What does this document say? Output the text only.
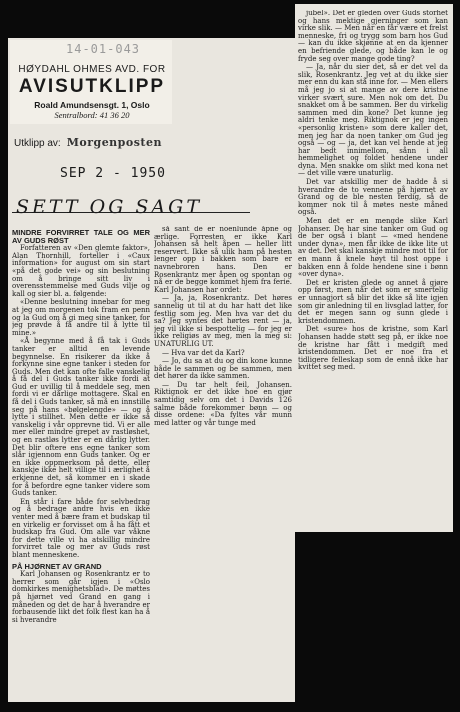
14-01-043
HØYDAHL OHMES AVD. FOR
AVISUTKLIPP
Roald Amundsensgt. 1, Oslo
Sentralbord: 41 36 20
Utklipp av: Morgenposten
SEP 2 - 1950
SETT OG SAGT

MINDRE FORVIRRET TALE OG MER AV GUDS RØST

Forfatteren av «Den glemte faktor», Alan Thornhill, forteller i «Caux information» for august om sin start «på det gode vei» og sin beslutning om å bringe sitt liv i overensstemmelse med Guds vilje og kall og sier bl. a. følgende:

«Denne beslutning innebar for meg at jeg om morgenen tok fram en penn og la Gud om å gi meg sine tanker, for jeg prøvde å få andre til å lytte til mine.»

«Å begynne med å få tak i Guds tanker er alltid en levende begynnelse. En risikerer da ikke å forkynne sine egne tanker i steden for Guds. Men det kan ofte falle vanskelig å få del i Guds tanker ikke fordi at Gud er uvillig til å meddele seg, men fordi vi er dårlige mottagere. Skal en få del i Guds tanker, så må en innstille seg på hans «bølgelengde» — og å lytte i stillhet. Men dette er ikke så vanskelig i vår opprevne tid. Vi er alle mer eller mindre grepet av rastløshet, og en rastløs lytter er en dårlig lytter. Det blir oftere ens egne tanker som slår igjennom enn Guds tanker. Og er en ikke oppmerksom på dette, eller kanskje ikke helt villige til i ærlighet å erkjenne det, så kommer en i skade for å befordre egne tanker videre som Guds tanker.

En står i fare både for selvbedrag og å bedrage andre hvis en ikke venter med å bære fram et budskap til en virkelig er forvisset om å ha fått et budskap fra Gud. Om alle var våkne for dette ville vi ha atskillig mindre forvirret tale og mer av Guds røst blant menneskene.

PÅ HJØRNET AV GRAND

Karl Johansen og Rosenkrantz er to herrer som går igjen i «Oslo domkirkes menighetsblad». De møttes på hjørnet ved Grand en gang i måneden og det de har å hverandre er forbausende likt det folk flest kan ha å si hverandre

så sant de er noenlunde åpne og ærlige. Forresten er ikke Karl Johansen så helt åpen — heller litt reservert. Ikke så ulik ham på hesten lenger opp i bakken som bare er navnebroren hans. Den er Rosenkrantz mer åpen og spontan og nå er de begge kommet hjem fra ferie. Karl Johansen har ordet:

— Ja, ja, Rosenkrantz. Det høres sannelig ut til at du har hatt det like festlig som jeg. Men hva var det du sa? Jeg syntes det hørtes rent — ja, jeg vil ikke si bespottelig — for jeg er ikke religiøs av meg, men la meg si: UNATURLIG UT.

— Hva var det da Karl?

— Jo, du sa at du og din kone kunne både le sammen og be sammen, men det hører da ikke sammen.

— Du tar helt feil, Johansen. Riktignok er det ikke hoe en gjør samtidig selv om det i Davids 126 salme både forekommer bønn — og disse ordene: «Da fyltes vår munn med latter og vår tunge med

jubel». Det er gleden over Guds storhet og hans mektige gjerninger som kan virke slik. — Men når en får være et frelst menneske, fri og trygg som barn hos Gud — kan du ikke skjønne at en da kjenner en befriende glede, og både kan le og fryde seg over mange gode ting?

— Ja, når du sier det, så er det vel da slik, Rosenkrantz. Jeg vet at du ikke sier mer enn du kan stå inne for. — Men ellers må jeg jo si at mange av dere kristne virker svært sure. Men nok om det. Du snakket om å be sammen. Ber du virkelig sammen med din kone? Det kunne jeg aldri tenke meg. Riktignok er jeg ingen «personlig kristen» som dere kaller det, men jeg har da noen tanker om Gud jeg også — og — ja, det kan vel hende at jeg har bedt innimellom, sånn i all hemmelighet og foldet hendene under dyna. Men snakke om slikt med kona net — det ville være unaturlig.

Det var atskillig mer de hadde å si hverandre de to vennene på hjørnet av Grand og de ble nesten ferdig, så de kommer nok til å møtes neste måned også.

Men det er en mengde slike Karl Johanser. De har sine tanker om Gud og de ber også i blant — «med hendene under dyna», men får ikke de ikke lite ut av det. Det skal kanskje mindre mot til for en mann å knele høyt til host oppe i bakken enn å folde hendene sine i bønn «over dyna».

Det er kristen glede og annet å gjøre opp først, men når det som er smertelig er unnagjort så blir det ikke så lite igjen som gir anledning til en livsglad latter, for det er megen sann og sunn glede i kristendommen.

Det «sure» hos de kristne, som Karl Johansen hadde støtt seg på, er ikke noe de kristne har fått i medgift med kristendommen. Det er noe fra et tidligere felleskap som de ennå ikke har kvittet seg med.
